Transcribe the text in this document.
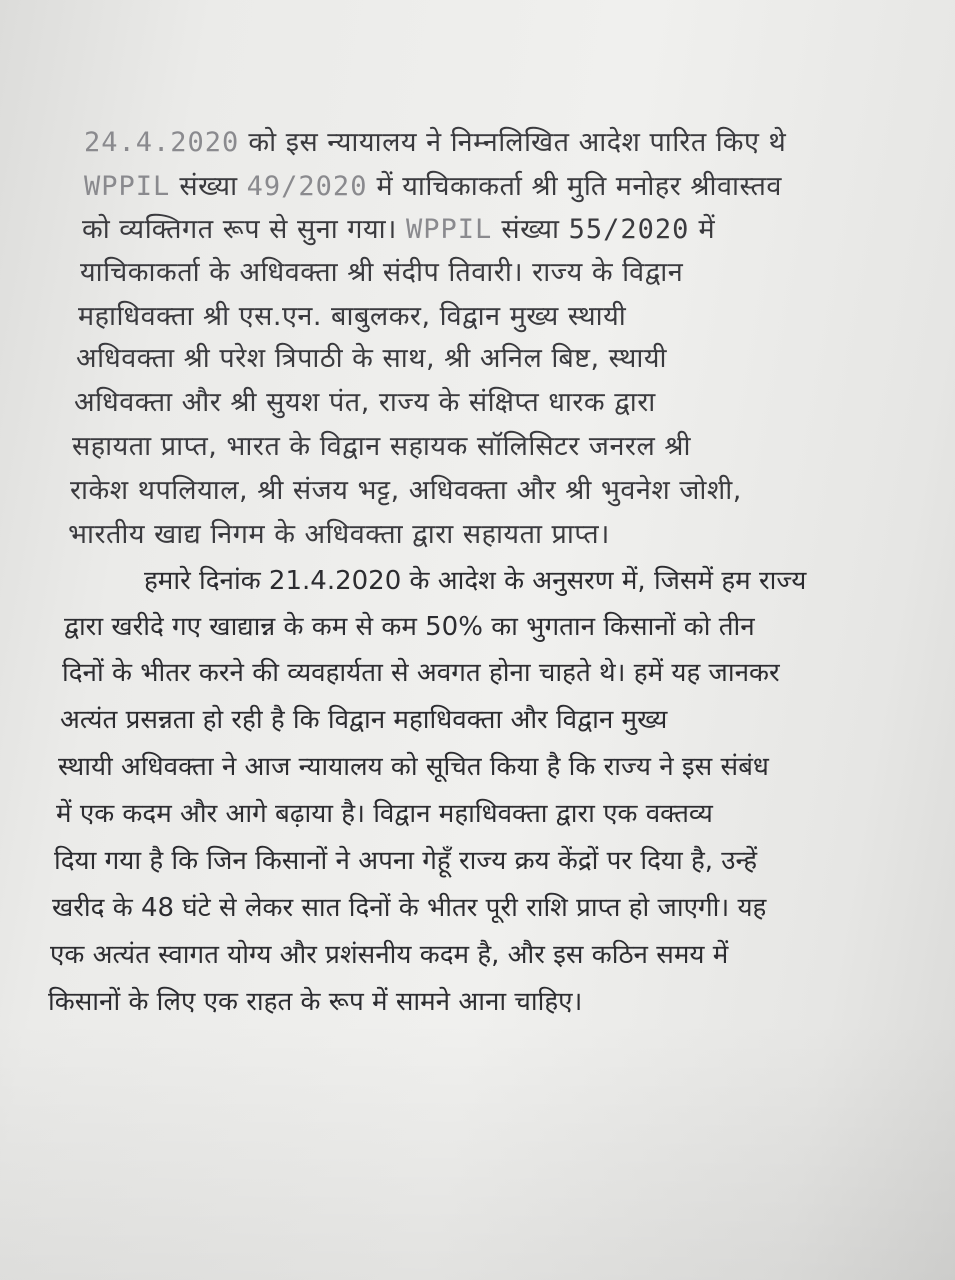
24.4.2020 को इस न्यायालय ने निम्नलिखित आदेश पारित किए थे
WPPIL संख्या 49/2020 में याचिकाकर्ता श्री मुति मनोहर श्रीवास्तव
को व्यक्तिगत रूप से सुना गया। WPPIL संख्या 55/2020 में
याचिकाकर्ता के अधिवक्ता श्री संदीप तिवारी। राज्य के विद्वान
महाधिवक्ता श्री एस.एन. बाबुलकर, विद्वान मुख्य स्थायी
अधिवक्ता श्री परेश त्रिपाठी के साथ, श्री अनिल बिष्ट, स्थायी
अधिवक्ता और श्री सुयश पंत, राज्य के संक्षिप्त धारक द्वारा
सहायता प्राप्त, भारत के विद्वान सहायक सॉलिसिटर जनरल श्री
राकेश थपलियाल, श्री संजय भट्ट, अधिवक्ता और श्री भुवनेश जोशी,
भारतीय खाद्य निगम के अधिवक्ता द्वारा सहायता प्राप्त।
हमारे दिनांक 21.4.2020 के आदेश के अनुसरण में, जिसमें हम राज्य
द्वारा खरीदे गए खाद्यान्न के कम से कम 50% का भुगतान किसानों को तीन
दिनों के भीतर करने की व्यवहार्यता से अवगत होना चाहते थे। हमें यह जानकर
अत्यंत प्रसन्नता हो रही है कि विद्वान महाधिवक्ता और विद्वान मुख्य
स्थायी अधिवक्ता ने आज न्यायालय को सूचित किया है कि राज्य ने इस संबंध
में एक कदम और आगे बढ़ाया है। विद्वान महाधिवक्ता द्वारा एक वक्तव्य
दिया गया है कि जिन किसानों ने अपना गेहूँ राज्य क्रय केंद्रों पर दिया है, उन्हें
खरीद के 48 घंटे से लेकर सात दिनों के भीतर पूरी राशि प्राप्त हो जाएगी। यह
एक अत्यंत स्वागत योग्य और प्रशंसनीय कदम है, और इस कठिन समय में
किसानों के लिए एक राहत के रूप में सामने आना चाहिए।
